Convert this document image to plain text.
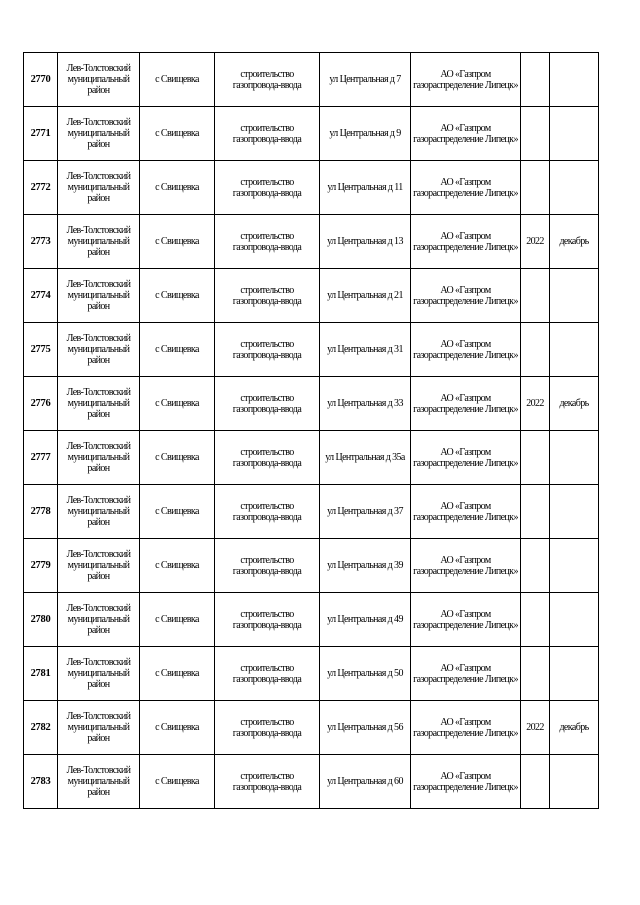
2770	Лев-Толстовский муниципальный район	с Свищевка	строительство газопровода-ввода	ул Центральная д 7	АО «Газпром газораспределение Липецк»		
2771	Лев-Толстовский муниципальный район	с Свищевка	строительство газопровода-ввода	ул Центральная д 9	АО «Газпром газораспределение Липецк»		
2772	Лев-Толстовский муниципальный район	с Свищевка	строительство газопровода-ввода	ул Центральная д 11	АО «Газпром газораспределение Липецк»		
2773	Лев-Толстовский муниципальный район	с Свищевка	строительство газопровода-ввода	ул Центральная д 13	АО «Газпром газораспределение Липецк»	2022	декабрь
2774	Лев-Толстовский муниципальный район	с Свищевка	строительство газопровода-ввода	ул Центральная д 21	АО «Газпром газораспределение Липецк»		
2775	Лев-Толстовский муниципальный район	с Свищевка	строительство газопровода-ввода	ул Центральная д 31	АО «Газпром газораспределение Липецк»		
2776	Лев-Толстовский муниципальный район	с Свищевка	строительство газопровода-ввода	ул Центральная д 33	АО «Газпром газораспределение Липецк»	2022	декабрь
2777	Лев-Толстовский муниципальный район	с Свищевка	строительство газопровода-ввода	ул Центральная д 35а	АО «Газпром газораспределение Липецк»		
2778	Лев-Толстовский муниципальный район	с Свищевка	строительство газопровода-ввода	ул Центральная д 37	АО «Газпром газораспределение Липецк»		
2779	Лев-Толстовский муниципальный район	с Свищевка	строительство газопровода-ввода	ул Центральная д 39	АО «Газпром газораспределение Липецк»		
2780	Лев-Толстовский муниципальный район	с Свищевка	строительство газопровода-ввода	ул Центральная д 49	АО «Газпром газораспределение Липецк»		
2781	Лев-Толстовский муниципальный район	с Свищевка	строительство газопровода-ввода	ул Центральная д 50	АО «Газпром газораспределение Липецк»		
2782	Лев-Толстовский муниципальный район	с Свищевка	строительство газопровода-ввода	ул Центральная д 56	АО «Газпром газораспределение Липецк»	2022	декабрь
2783	Лев-Толстовский муниципальный район	с Свищевка	строительство газопровода-ввода	ул Центральная д 60	АО «Газпром газораспределение Липецк»		
